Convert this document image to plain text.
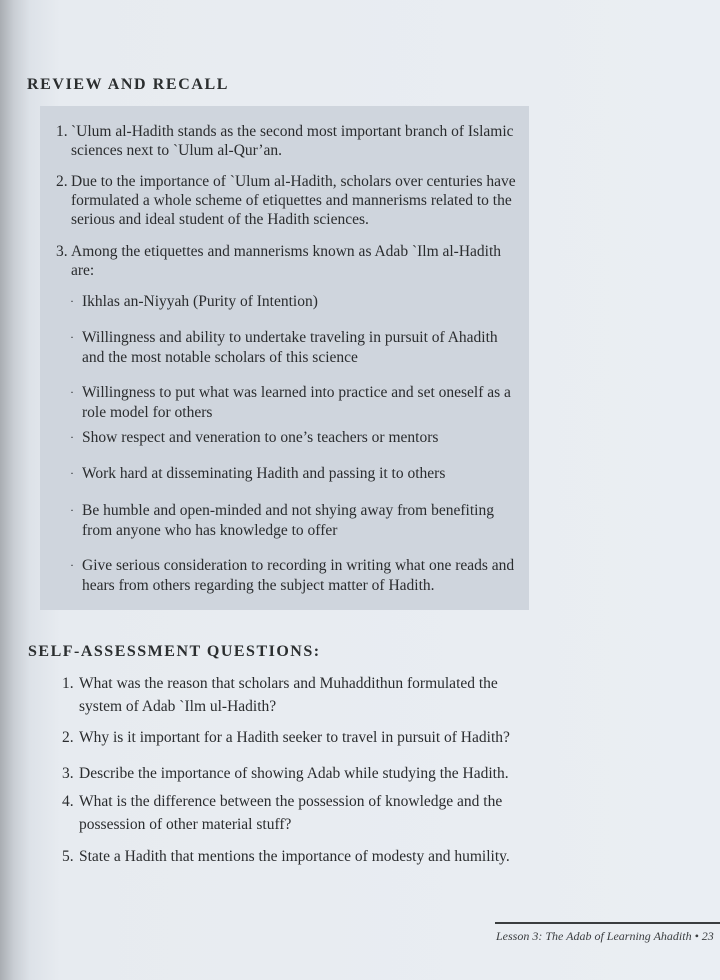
REVIEW AND RECALL
1. `Ulum al-Hadith stands as the second most important branch of Islamic sciences next to `Ulum al-Qur’an.
2. Due to the importance of `Ulum al-Hadith, scholars over centuries have formulated a whole scheme of etiquettes and mannerisms related to the serious and ideal student of the Hadith sciences.
3. Among the etiquettes and mannerisms known as Adab `Ilm al-Hadith are:
· Ikhlas an-Niyyah (Purity of Intention)
· Willingness and ability to undertake traveling in pursuit of Ahadith and the most notable scholars of this science
· Willingness to put what was learned into practice and set oneself as a role model for others
· Show respect and veneration to one’s teachers or mentors
· Work hard at disseminating Hadith and passing it to others
· Be humble and open-minded and not shying away from benefiting from anyone who has knowledge to offer
· Give serious consideration to recording in writing what one reads and hears from others regarding the subject matter of Hadith.
SELF-ASSESSMENT QUESTIONS:
1. What was the reason that scholars and Muhaddithun formulated the system of Adab `Ilm ul-Hadith?
2. Why is it important for a Hadith seeker to travel in pursuit of Hadith?
3. Describe the importance of showing Adab while studying the Hadith.
4. What is the difference between the possession of knowledge and the possession of other material stuff?
5. State a Hadith that mentions the importance of modesty and humility.
Lesson 3: The Adab of Learning Ahadith • 23
